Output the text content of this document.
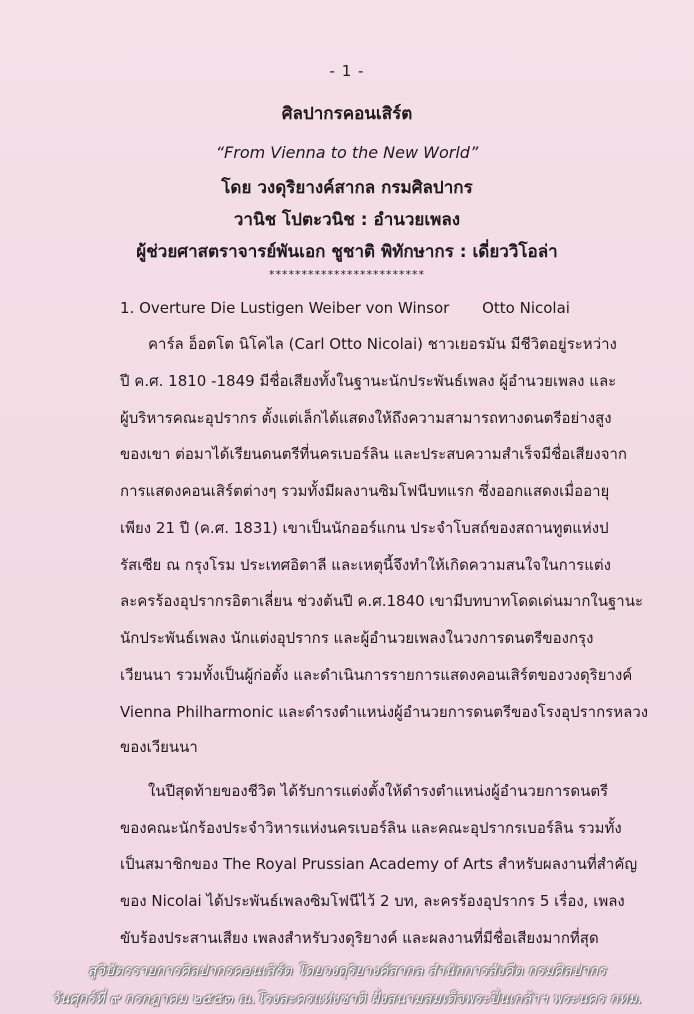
- 1 -
ศิลปากรคอนเสิร์ต
“From Vienna to the New World”
โดย วงดุริยางค์สากล กรมศิลปากร
วานิช โปตะวนิช : อำนวยเพลง
ผู้ช่วยศาสตราจารย์พันเอก ชูชาติ พิทักษากร : เดี่ยววิโอล่า
************************
1. Overture Die Lustigen Weiber von Winsor Otto Nicolai
คาร์ล อ็อตโต นิโคไล (Carl Otto Nicolai) ชาวเยอรมัน มีชีวิตอยู่ระหว่าง
ปี ค.ศ. 1810 -1849 มีชื่อเสียงทั้งในฐานะนักประพันธ์เพลง ผู้อำนวยเพลง และ
ผู้บริหารคณะอุปรากร ตั้งแต่เล็กได้แสดงให้ถึงความสามารถทางดนตรีอย่างสูง
ของเขา ต่อมาได้เรียนดนตรีที่นครเบอร์ลิน และประสบความสำเร็จมีชื่อเสียงจาก
การแสดงคอนเสิร์ตต่างๆ รวมทั้งมีผลงานซิมโฟนีบทแรก ซึ่งออกแสดงเมื่ออายุ
เพียง 21 ปี (ค.ศ. 1831) เขาเป็นนักออร์แกน ประจำโบสถ์ของสถานทูตแห่งป
รัสเซีย ณ กรุงโรม ประเทศอิตาลี และเหตุนี้จึงทำให้เกิดความสนใจในการแต่ง
ละครร้องอุปรากรอิตาเลี่ยน ช่วงต้นปี ค.ศ.1840 เขามีบทบาทโดดเด่นมากในฐานะ
นักประพันธ์เพลง นักแต่งอุปรากร และผู้อำนวยเพลงในวงการดนตรีของกรุง
เวียนนา รวมทั้งเป็นผู้ก่อตั้ง และดำเนินการรายการแสดงคอนเสิร์ตของวงดุริยางค์
Vienna Philharmonic และดำรงตำแหน่งผู้อำนวยการดนตรีของโรงอุปรากรหลวง
ของเวียนนา
ในปีสุดท้ายของชีวิต ได้รับการแต่งตั้งให้ดำรงตำแหน่งผู้อำนวยการดนตรี
ของคณะนักร้องประจำวิหารแห่งนครเบอร์ลิน และคณะอุปรากรเบอร์ลิน รวมทั้ง
เป็นสมาชิกของ The Royal Prussian Academy of Arts สำหรับผลงานที่สำคัญ
ของ Nicolai ได้ประพันธ์เพลงซิมโฟนีไว้ 2 บท, ละครร้องอุปรากร 5 เรื่อง, เพลง
ขับร้องประสานเสียง เพลงสำหรับวงดุริยางค์ และผลงานที่มีชื่อเสียงมากที่สุด
สูจิบัตรรายการศิลปากรคอนเสิร์ต โดยวงดุริยางค์สากล สำนักการสังคีต กรมศิลปากร
วันศุกร์ที่ ๙ กรกฎาคม ๒๕๕๓ ณ.โรงละครแห่งชาติ ฝั่งสนามสมเด็จพระปิ่นเกล้าฯ พระนคร กทม.
